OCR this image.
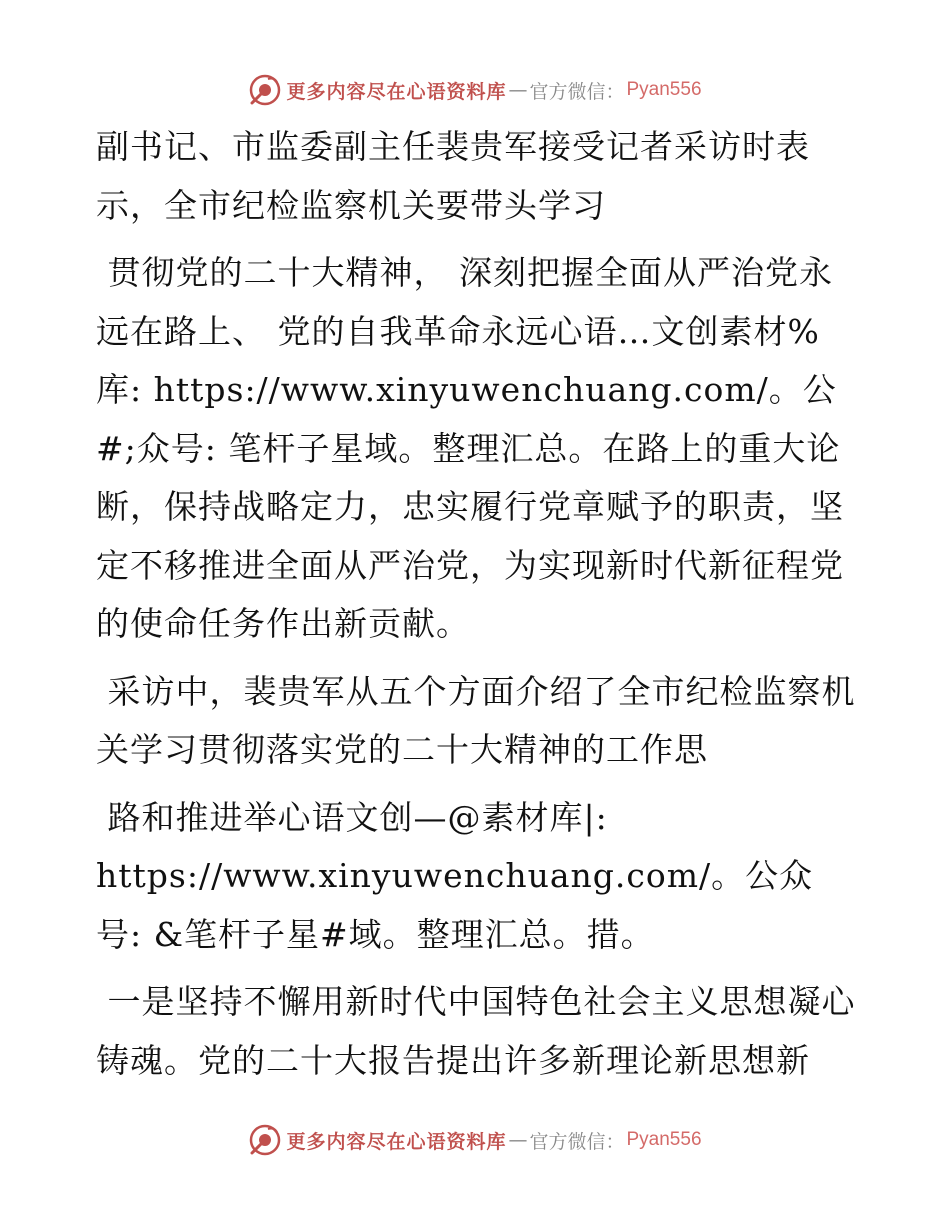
更多内容尽在心语资料库 — 官方微信： Pyan556

副书记、市监委副主任裴贵军接受记者采访时表示，全市纪检监察机关要带头学习

贯彻党的二十大精神， 深刻把握全面从严治党永远在路上、 党的自我革命永远心语…文创素材%库: https://www.xinyuwenchuang.com/。公#;众号: 笔杆子星域。整理汇总。在路上的重大论断，保持战略定力，忠实履行党章赋予的职责，坚定不移推进全面从严治党，为实现新时代新征程党的使命任务作出新贡献。

采访中，裴贵军从五个方面介绍了全市纪检监察机关学习贯彻落实党的二十大精神的工作思

路和推进举心语文创—@素材库|: https://www.xinyuwenchuang.com/。公众号: &笔杆子星#域。整理汇总。措。

一是坚持不懈用新时代中国特色社会主义思想凝心铸魂。党的二十大报告提出许多新理论新思想新

更多内容尽在心语资料库 — 官方微信： Pyan556
